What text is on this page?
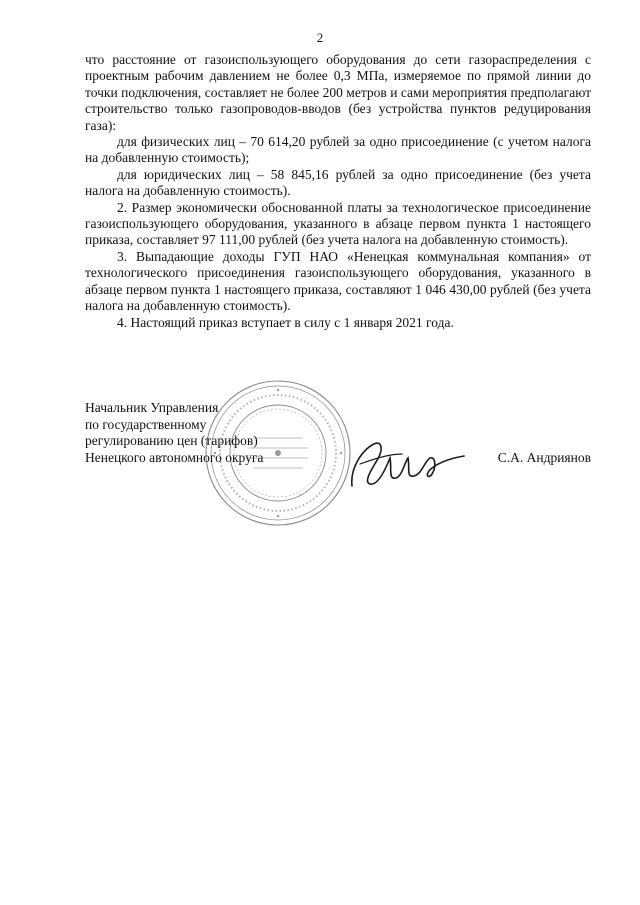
2

что расстояние от газоиспользующего оборудования до сети газораспределения с проектным рабочим давлением не более 0,3 МПа, измеряемое по прямой линии до точки подключения, составляет не более 200 метров и сами мероприятия предполагают строительство только газопроводов-вводов (без устройства пунктов редуцирования газа):

для физических лиц – 70 614,20 рублей за одно присоединение (с учетом налога на добавленную стоимость);

для юридических лиц – 58 845,16 рублей за одно присоединение (без учета налога на добавленную стоимость).

2. Размер экономически обоснованной платы за технологическое присоединение газоиспользующего оборудования, указанного в абзаце первом пункта 1 настоящего приказа, составляет 97 111,00 рублей (без учета налога на добавленную стоимость).

3. Выпадающие доходы ГУП НАО «Ненецкая коммунальная компания» от технологического присоединения газоиспользующего оборудования, указанного в абзаце первом пункта 1 настоящего приказа, составляют 1 046 430,00 рублей (без учета налога на добавленную стоимость).

4. Настоящий приказ вступает в силу с 1 января 2021 года.

Начальник Управления
по государственному
регулированию цен (тарифов)
Ненецкого автономного округа	С.А. Андриянов
